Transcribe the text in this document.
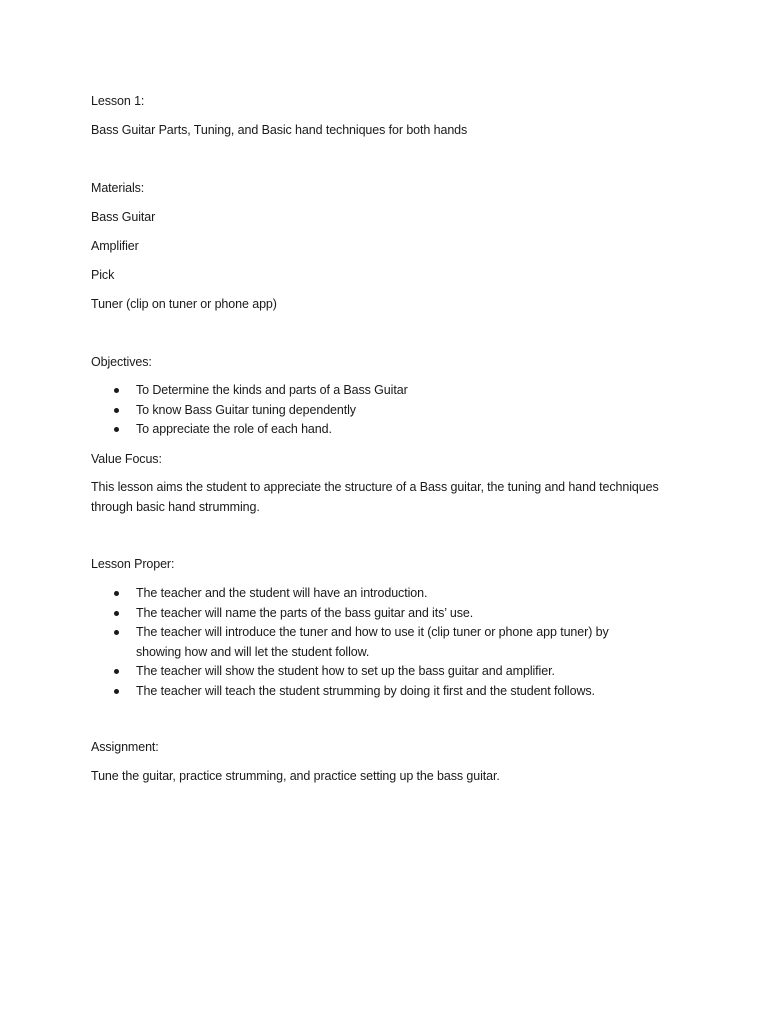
Lesson 1:

Bass Guitar Parts, Tuning, and Basic hand techniques for both hands

Materials:

Bass Guitar

Amplifier

Pick

Tuner (clip on tuner or phone app)

Objectives:

To Determine the kinds and parts of a Bass Guitar
To know Bass Guitar tuning dependently
To appreciate the role of each hand.

Value Focus:

This lesson aims the student to appreciate the structure of a Bass guitar, the tuning and hand techniques through basic hand strumming.

Lesson Proper:

The teacher and the student will have an introduction.
The teacher will name the parts of the bass guitar and its’ use.
The teacher will introduce the tuner and how to use it (clip tuner or phone app tuner) by showing how and will let the student follow.
The teacher will show the student how to set up the bass guitar and amplifier.
The teacher will teach the student strumming by doing it first and the student follows.

Assignment:

Tune the guitar, practice strumming, and practice setting up the bass guitar.
